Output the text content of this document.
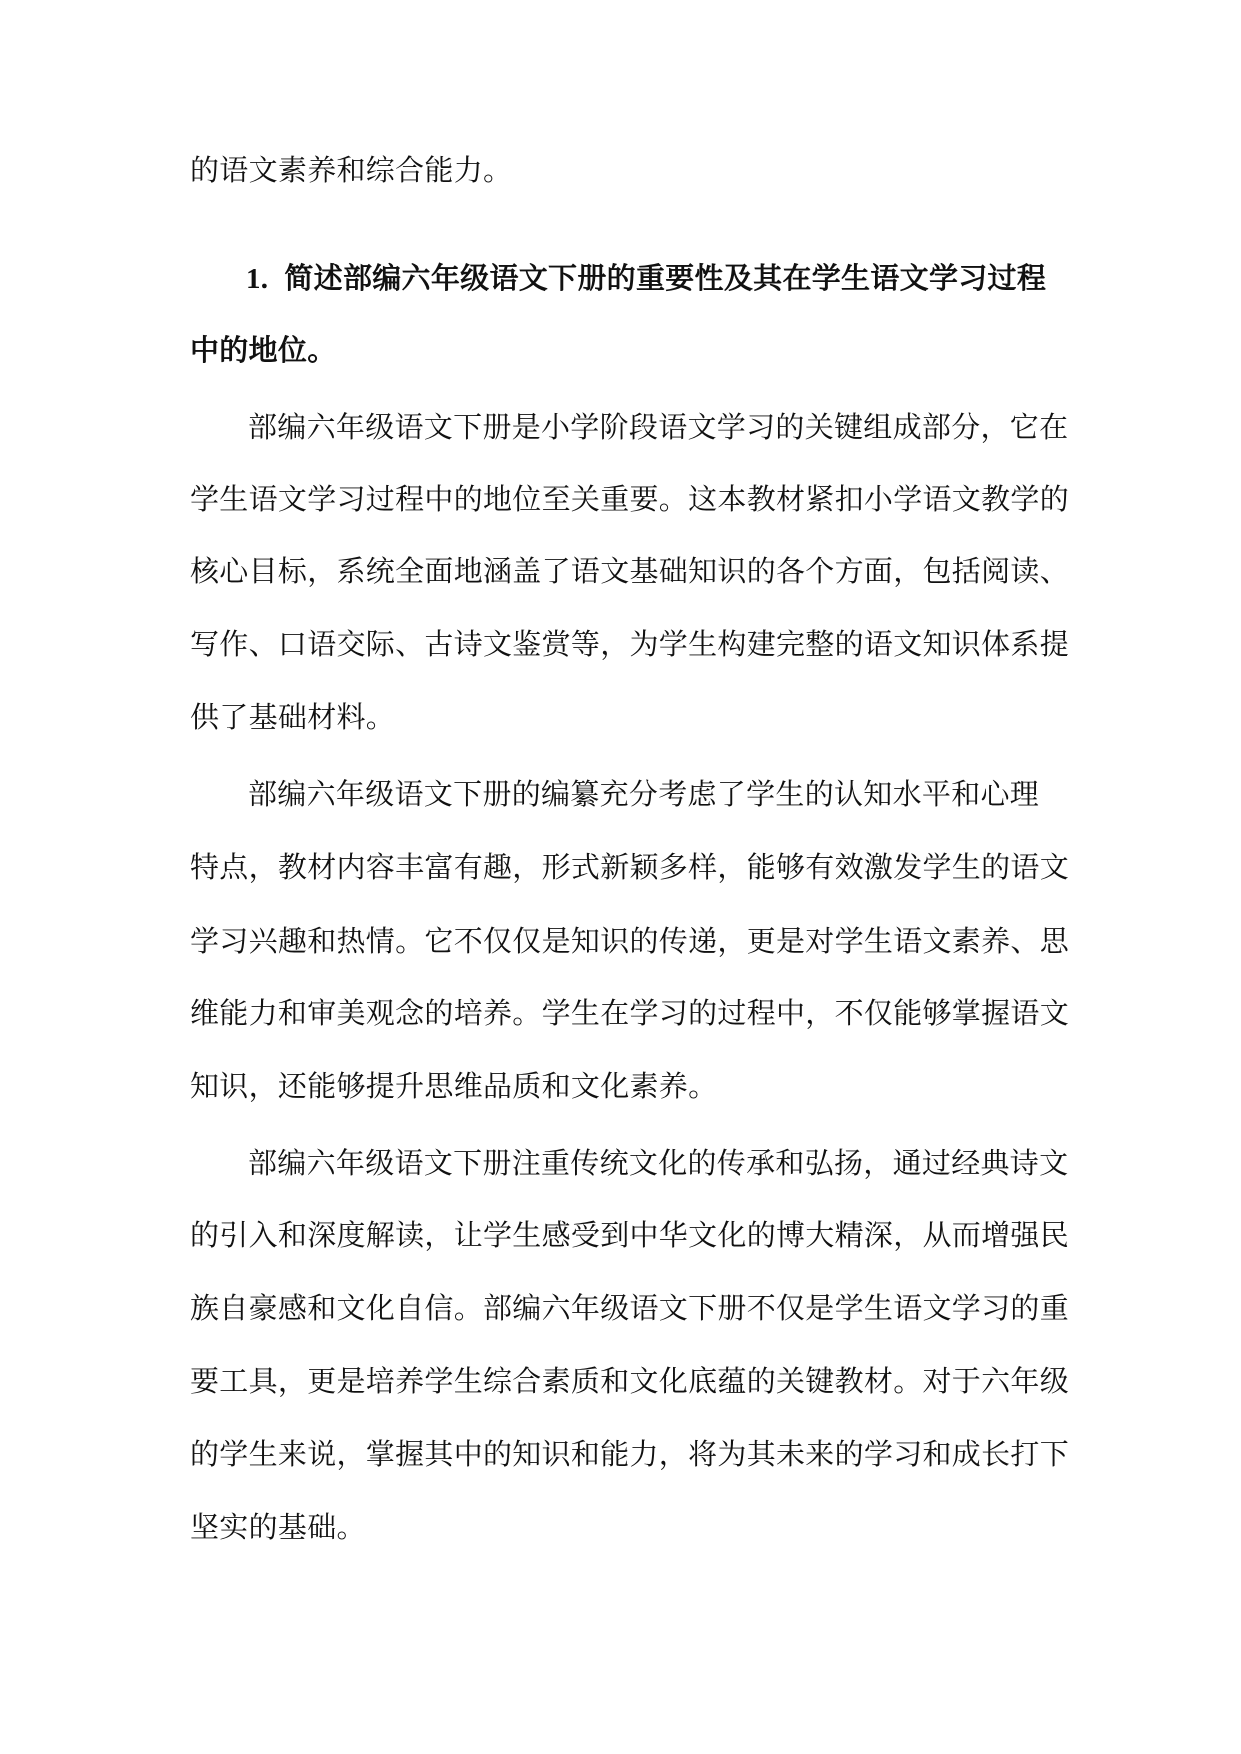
的语文素养和综合能力。
1. 简述部编六年级语文下册的重要性及其在学生语文学习过程
中的地位。
部编六年级语文下册是小学阶段语文学习的关键组成部分，它在
学生语文学习过程中的地位至关重要。这本教材紧扣小学语文教学的
核心目标，系统全面地涵盖了语文基础知识的各个方面，包括阅读、
写作、口语交际、古诗文鉴赏等，为学生构建完整的语文知识体系提
供了基础材料。
部编六年级语文下册的编纂充分考虑了学生的认知水平和心理
特点，教材内容丰富有趣，形式新颖多样，能够有效激发学生的语文
学习兴趣和热情。它不仅仅是知识的传递，更是对学生语文素养、思
维能力和审美观念的培养。学生在学习的过程中，不仅能够掌握语文
知识，还能够提升思维品质和文化素养。
部编六年级语文下册注重传统文化的传承和弘扬，通过经典诗文
的引入和深度解读，让学生感受到中华文化的博大精深，从而增强民
族自豪感和文化自信。部编六年级语文下册不仅是学生语文学习的重
要工具，更是培养学生综合素质和文化底蕴的关键教材。对于六年级
的学生来说，掌握其中的知识和能力，将为其未来的学习和成长打下
坚实的基础。
